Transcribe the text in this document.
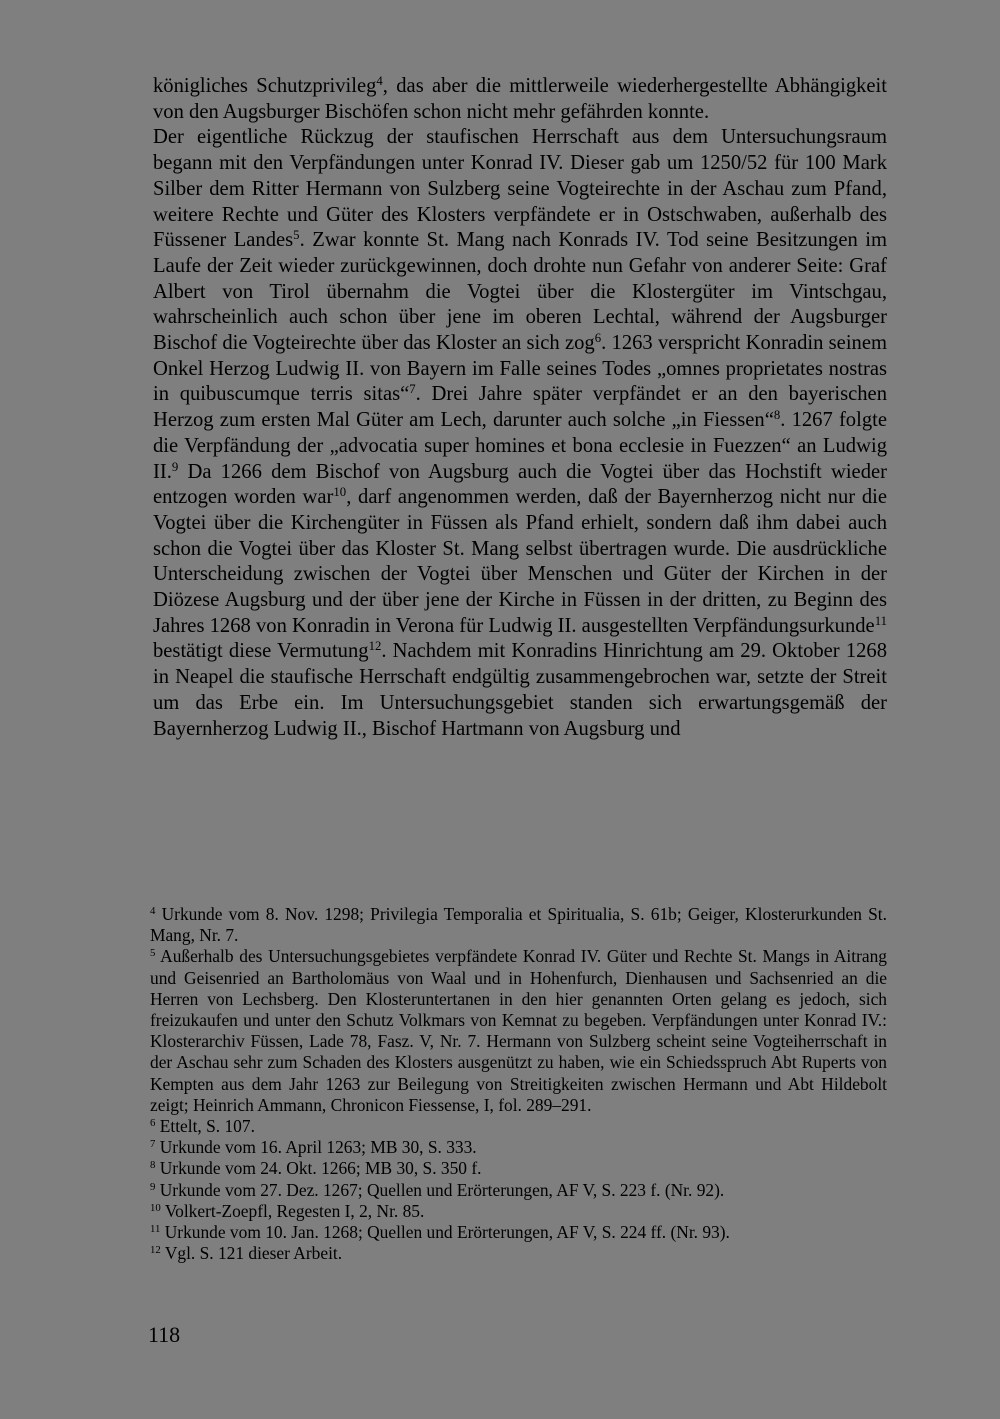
königliches Schutzprivileg$^4$, das aber die mittlerweile wiederhergestellte Abhängigkeit von den Augsburger Bischöfen schon nicht mehr gefährden konnte.
Der eigentliche Rückzug der staufischen Herrschaft aus dem Untersuchungsraum begann mit den Verpfändungen unter Konrad IV. Dieser gab um 1250/52 für 100 Mark Silber dem Ritter Hermann von Sulzberg seine Vogteirechte in der Aschau zum Pfand, weitere Rechte und Güter des Klosters verpfändete er in Ostschwaben, außerhalb des Füssener Landes$^5$. Zwar konnte St. Mang nach Konrads IV. Tod seine Besitzungen im Laufe der Zeit wieder zurückgewinnen, doch drohte nun Gefahr von anderer Seite: Graf Albert von Tirol übernahm die Vogtei über die Klostergüter im Vintschgau, wahrscheinlich auch schon über jene im oberen Lechtal, während der Augsburger Bischof die Vogteirechte über das Kloster an sich zog$^6$. 1263 verspricht Konradin seinem Onkel Herzog Ludwig II. von Bayern im Falle seines Todes „omnes proprietates nostras in quibuscumque terris sitas“$^7$. Drei Jahre später verpfändet er an den bayerischen Herzog zum ersten Mal Güter am Lech, darunter auch solche „in Fiessen“$^8$. 1267 folgte die Verpfändung der „advocatia super homines et bona ecclesie in Fuezzen“ an Ludwig II.$^9$ Da 1266 dem Bischof von Augsburg auch die Vogtei über das Hochstift wieder entzogen worden war$^{10}$, darf angenommen werden, daß der Bayernherzog nicht nur die Vogtei über die Kirchengüter in Füssen als Pfand erhielt, sondern daß ihm dabei auch schon die Vogtei über das Kloster St. Mang selbst übertragen wurde. Die ausdrückliche Unterscheidung zwischen der Vogtei über Menschen und Güter der Kirchen in der Diözese Augsburg und der über jene der Kirche in Füssen in der dritten, zu Beginn des Jahres 1268 von Konradin in Verona für Ludwig II. ausgestellten Verpfändungsurkunde$^{11}$ bestätigt diese Vermutung$^{12}$. Nachdem mit Konradins Hinrichtung am 29. Oktober 1268 in Neapel die staufische Herrschaft endgültig zusammengebrochen war, setzte der Streit um das Erbe ein. Im Untersuchungsgebiet standen sich erwartungsgemäß der Bayernherzog Ludwig II., Bischof Hartmann von Augsburg und
$^4$ Urkunde vom 8. Nov. 1298; Privilegia Temporalia et Spiritualia, S. 61b; Geiger, Klosterurkunden St. Mang, Nr. 7.
$^5$ Außerhalb des Untersuchungsgebietes verpfändete Konrad IV. Güter und Rechte St. Mangs in Aitrang und Geisenried an Bartholomäus von Waal und in Hohenfurch, Dienhausen und Sachsenried an die Herren von Lechsberg. Den Klosteruntertanen in den hier genannten Orten gelang es jedoch, sich freizukaufen und unter den Schutz Volkmars von Kemnat zu begeben. Verpfändungen unter Konrad IV.: Klosterarchiv Füssen, Lade 78, Fasz. V, Nr. 7. Hermann von Sulzberg scheint seine Vogteiherrschaft in der Aschau sehr zum Schaden des Klosters ausgenützt zu haben, wie ein Schiedsspruch Abt Ruperts von Kempten aus dem Jahr 1263 zur Beilegung von Streitigkeiten zwischen Hermann und Abt Hildebolt zeigt; Heinrich Ammann, Chronicon Fiessense, I, fol. 289–291.
$^6$ Ettelt, S. 107.
$^7$ Urkunde vom 16. April 1263; MB 30, S. 333.
$^8$ Urkunde vom 24. Okt. 1266; MB 30, S. 350 f.
$^9$ Urkunde vom 27. Dez. 1267; Quellen und Erörterungen, AF V, S. 223 f. (Nr. 92).
$^{10}$ Volkert-Zoepfl, Regesten I, 2, Nr. 85.
$^{11}$ Urkunde vom 10. Jan. 1268; Quellen und Erörterungen, AF V, S. 224 ff. (Nr. 93).
$^{12}$ Vgl. S. 121 dieser Arbeit.
118
